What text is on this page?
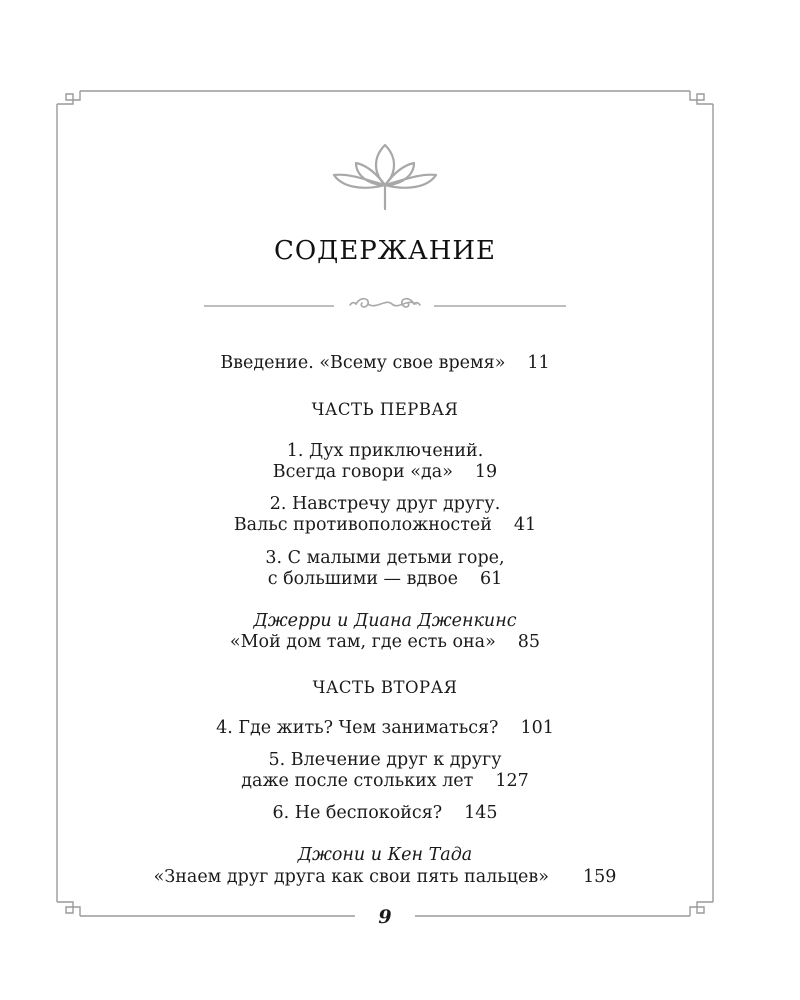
СОДЕРЖАНИЕ
Введение. «Всему свое время» 11
ЧАСТЬ ПЕРВАЯ
1. Дух приключений.
Всегда говори «да» 19
2. Навстречу друг другу.
Вальс противоположностей 41
3. С малыми детьми горе,
с большими — вдвое 61
Джерри и Диана Дженкинс
«Мой дом там, где есть она» 85
ЧАСТЬ ВТОРАЯ
4. Где жить? Чем заниматься? 101
5. Влечение друг к другу
даже после стольких лет 127
6. Не беспокойся? 145
Джони и Кен Тада
«Знаем друг друга как свои пять пальцев» 159
9
